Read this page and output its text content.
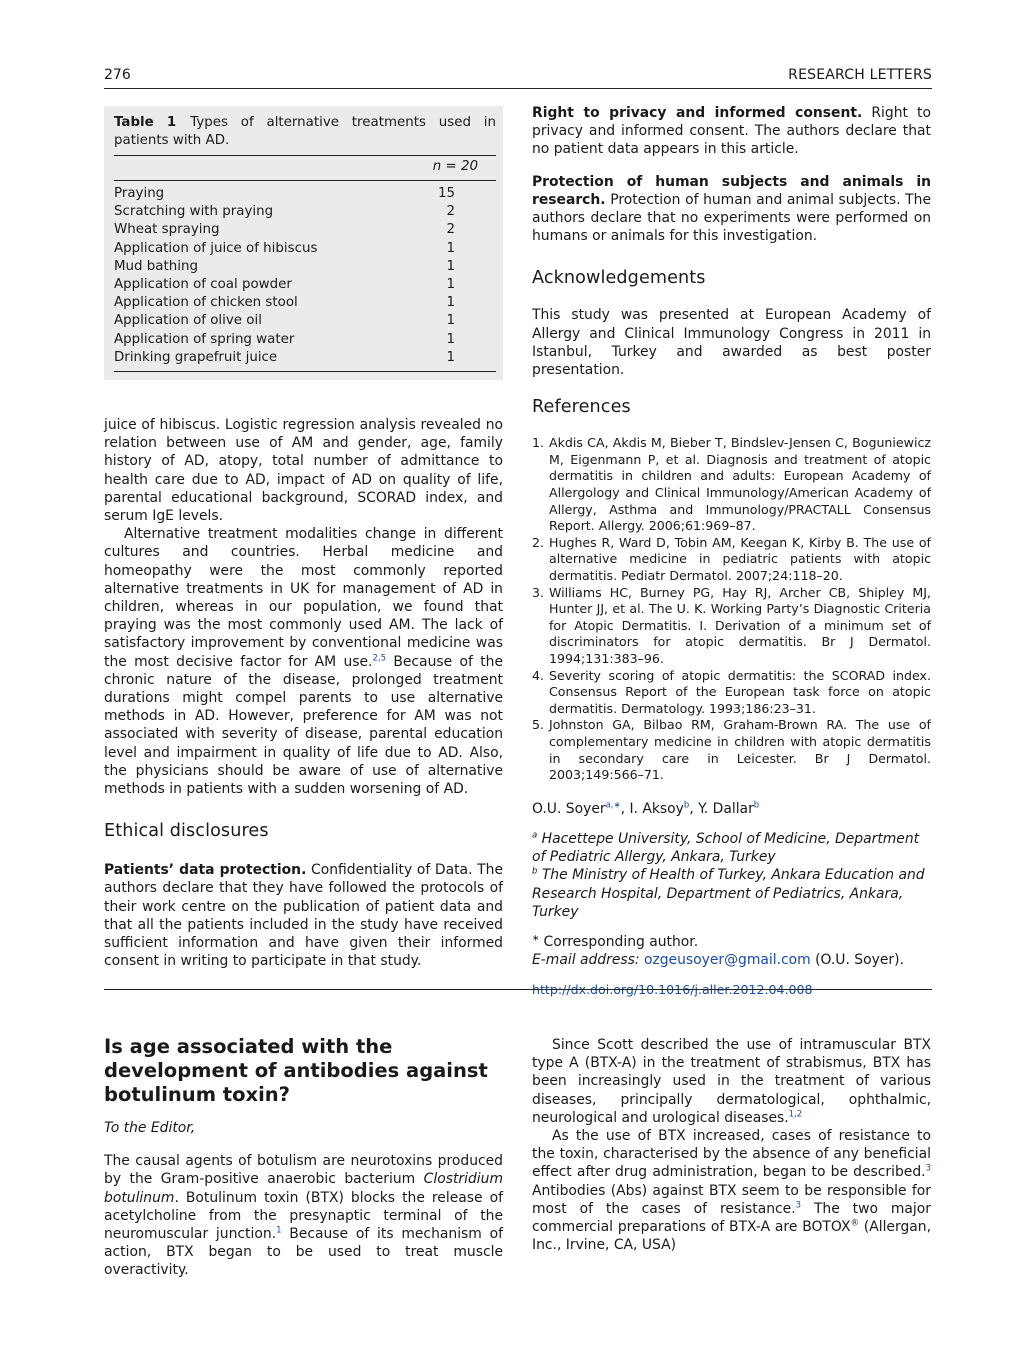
276	RESEARCH LETTERS
Table 1 Types of alternative treatments used in patients with AD.
n = 20
Praying	15
Scratching with praying	2
Wheat spraying	2
Application of juice of hibiscus	1
Mud bathing	1
Application of coal powder	1
Application of chicken stool	1
Application of olive oil	1
Application of spring water	1
Drinking grapefruit juice	1

juice of hibiscus. Logistic regression analysis revealed no relation between use of AM and gender, age, family history of AD, atopy, total number of admittance to health care due to AD, impact of AD on quality of life, parental educational background, SCORAD index, and serum IgE levels.

Alternative treatment modalities change in different cultures and countries. Herbal medicine and homeopathy were the most commonly reported alternative treatments in UK for management of AD in children, whereas in our population, we found that praying was the most commonly used AM. The lack of satisfactory improvement by conventional medicine was the most decisive factor for AM use.$^{2,5}$ Because of the chronic nature of the disease, prolonged treatment durations might compel parents to use alternative methods in AD. However, preference for AM was not associated with severity of disease, parental education level and impairment in quality of life due to AD. Also, the physicians should be aware of use of alternative methods in patients with a sudden worsening of AD.

Ethical disclosures

Patients’ data protection. Confidentiality of Data. The authors declare that they have followed the protocols of their work centre on the publication of patient data and that all the patients included in the study have received sufficient information and have given their informed consent in writing to participate in that study.

Right to privacy and informed consent. Right to privacy and informed consent. The authors declare that no patient data appears in this article.

Protection of human subjects and animals in research. Protection of human and animal subjects. The authors declare that no experiments were performed on humans or animals for this investigation.

Acknowledgements

This study was presented at European Academy of Allergy and Clinical Immunology Congress in 2011 in Istanbul, Turkey and awarded as best poster presentation.

References
1. Akdis CA, Akdis M, Bieber T, Bindslev-Jensen C, Boguniewicz M, Eigenmann P, et al. Diagnosis and treatment of atopic dermatitis in children and adults: European Academy of Allergology and Clinical Immunology/American Academy of Allergy, Asthma and Immunology/PRACTALL Consensus Report. Allergy. 2006;61:969–87.
2. Hughes R, Ward D, Tobin AM, Keegan K, Kirby B. The use of alternative medicine in pediatric patients with atopic dermatitis. Pediatr Dermatol. 2007;24:118–20.
3. Williams HC, Burney PG, Hay RJ, Archer CB, Shipley MJ, Hunter JJ, et al. The U. K. Working Party’s Diagnostic Criteria for Atopic Dermatitis. I. Derivation of a minimum set of discriminators for atopic dermatitis. Br J Dermatol. 1994;131:383–96.
4. Severity scoring of atopic dermatitis: the SCORAD index. Consensus Report of the European task force on atopic dermatitis. Dermatology. 1993;186:23–31.
5. Johnston GA, Bilbao RM, Graham-Brown RA. The use of complementary medicine in children with atopic dermatitis in secondary care in Leicester. Br J Dermatol. 2003;149:566–71.

O.U. Soyer$^{a,∗}$, I. Aksoy$^b$, Y. Dallar$^b$

$^a$ Hacettepe University, School of Medicine, Department of Pediatric Allergy, Ankara, Turkey

$^b$ The Ministry of Health of Turkey, Ankara Education and Research Hospital, Department of Pediatrics, Ankara, Turkey

∗ Corresponding author.

E-mail address: ozgeusoyer@gmail.com (O.U. Soyer).

http://dx.doi.org/10.1016/j.aller.2012.04.008

Is age associated with the development of antibodies against botulinum toxin?

To the Editor,

The causal agents of botulism are neurotoxins produced by the Gram-positive anaerobic bacterium Clostridium botulinum. Botulinum toxin (BTX) blocks the release of acetylcholine from the presynaptic terminal of the neuromuscular junction.$^1$ Because of its mechanism of action, BTX began to be used to treat muscle overactivity.

Since Scott described the use of intramuscular BTX type A (BTX-A) in the treatment of strabismus, BTX has been increasingly used in the treatment of various diseases, principally dermatological, ophthalmic, neurological and urological diseases.$^{1,2}$

As the use of BTX increased, cases of resistance to the toxin, characterised by the absence of any beneficial effect after drug administration, began to be described.$^3$ Antibodies (Abs) against BTX seem to be responsible for most of the cases of resistance.$^3$ The two major commercial preparations of BTX-A are BOTOX® (Allergan, Inc., Irvine, CA, USA)
